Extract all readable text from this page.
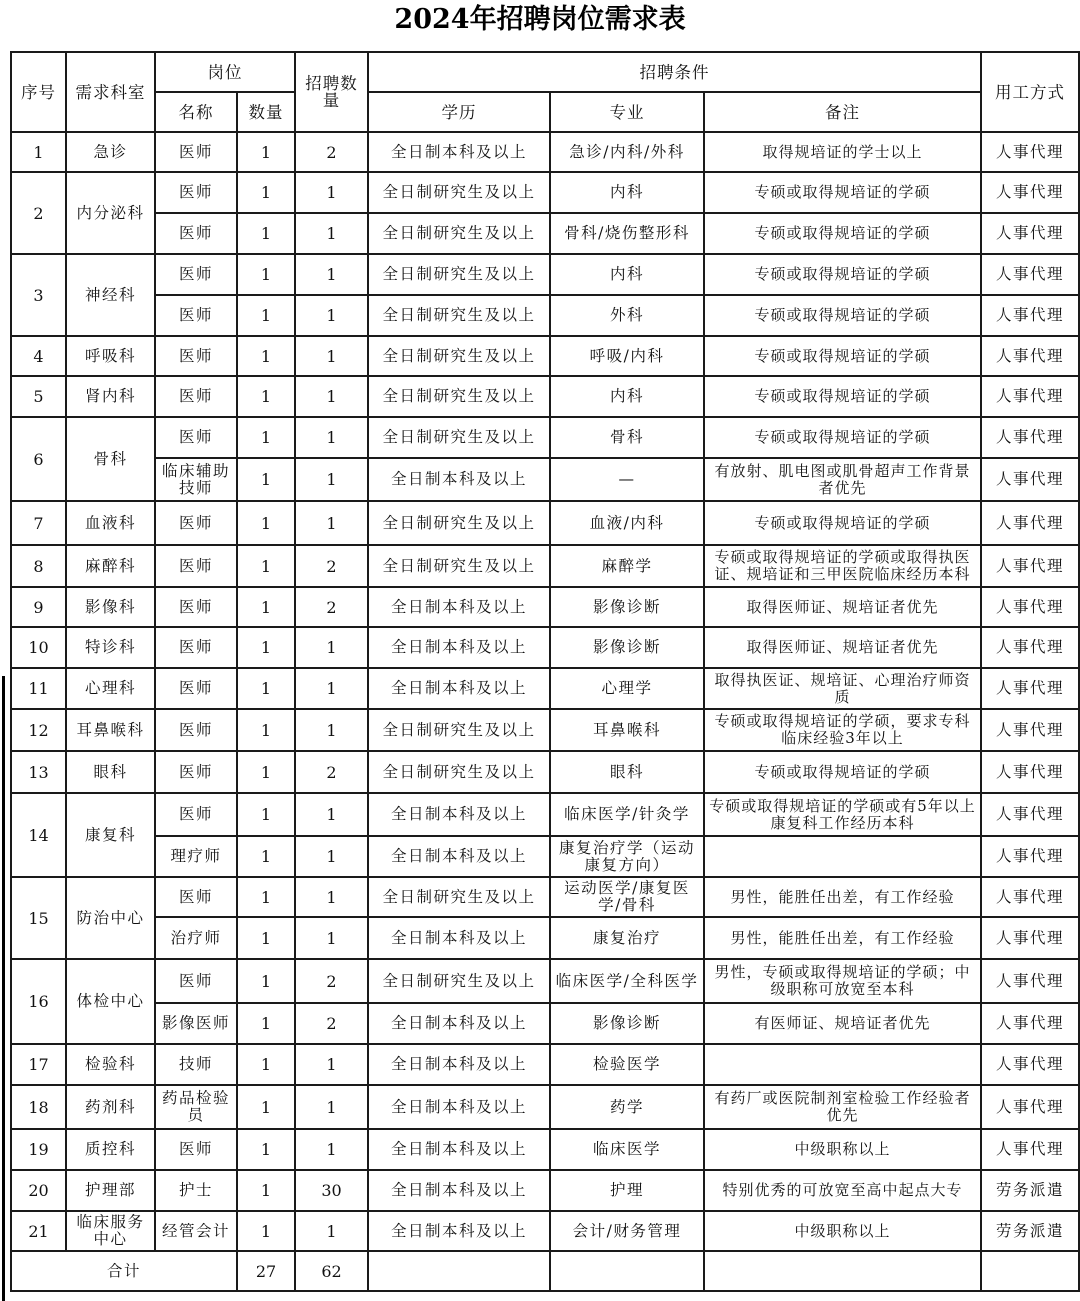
2024年招聘岗位需求表
序号	需求科室	岗位		招聘数量	招聘条件			用工方式
		名称	数量		学历	专业	备注	
1	急诊	医师	1	2	全日制本科及以上	急诊/内科/外科	取得规培证的学士以上	人事代理
2	内分泌科	医师	1	1	全日制研究生及以上	内科	专硕或取得规培证的学硕	人事代理
		医师	1	1	全日制研究生及以上	骨科/烧伤整形科	专硕或取得规培证的学硕	人事代理
3	神经科	医师	1	1	全日制研究生及以上	内科	专硕或取得规培证的学硕	人事代理
		医师	1	1	全日制研究生及以上	外科	专硕或取得规培证的学硕	人事代理
4	呼吸科	医师	1	1	全日制研究生及以上	呼吸/内科	专硕或取得规培证的学硕	人事代理
5	肾内科	医师	1	1	全日制研究生及以上	内科	专硕或取得规培证的学硕	人事代理
6	骨科	医师	1	1	全日制研究生及以上	骨科	专硕或取得规培证的学硕	人事代理
		临床辅助技师	1	1	全日制本科及以上	—	有放射、肌电图或肌骨超声工作背景者优先	人事代理
7	血液科	医师	1	1	全日制研究生及以上	血液/内科	专硕或取得规培证的学硕	人事代理
8	麻醉科	医师	1	2	全日制研究生及以上	麻醉学	专硕或取得规培证的学硕或取得执医证、规培证和三甲医院临床经历本科	人事代理
9	影像科	医师	1	2	全日制本科及以上	影像诊断	取得医师证、规培证者优先	人事代理
10	特诊科	医师	1	1	全日制本科及以上	影像诊断	取得医师证、规培证者优先	人事代理
11	心理科	医师	1	1	全日制本科及以上	心理学	取得执医证、规培证、心理治疗师资质	人事代理
12	耳鼻喉科	医师	1	1	全日制研究生及以上	耳鼻喉科	专硕或取得规培证的学硕，要求专科临床经验3年以上	人事代理
13	眼科	医师	1	2	全日制研究生及以上	眼科	专硕或取得规培证的学硕	人事代理
14	康复科	医师	1	1	全日制本科及以上	临床医学/针灸学	专硕或取得规培证的学硕或有5年以上康复科工作经历本科	人事代理
		理疗师	1	1	全日制本科及以上	康复治疗学（运动康复方向）		人事代理
15	防治中心	医师	1	1	全日制研究生及以上	运动医学/康复医学/骨科	男性，能胜任出差，有工作经验	人事代理
		治疗师	1	1	全日制本科及以上	康复治疗	男性，能胜任出差，有工作经验	人事代理
16	体检中心	医师	1	2	全日制研究生及以上	临床医学/全科医学	男性，专硕或取得规培证的学硕；中级职称可放宽至本科	人事代理
		影像医师	1	2	全日制本科及以上	影像诊断	有医师证、规培证者优先	人事代理
17	检验科	技师	1	1	全日制本科及以上	检验医学		人事代理
18	药剂科	药品检验员	1	1	全日制本科及以上	药学	有药厂或医院制剂室检验工作经验者优先	人事代理
19	质控科	医师	1	1	全日制本科及以上	临床医学	中级职称以上	人事代理
20	护理部	护士	1	30	全日制本科及以上	护理	特别优秀的可放宽至高中起点大专	劳务派遣
21	临床服务中心	经管会计	1	1	全日制本科及以上	会计/财务管理	中级职称以上	劳务派遣
合计			27	62				
